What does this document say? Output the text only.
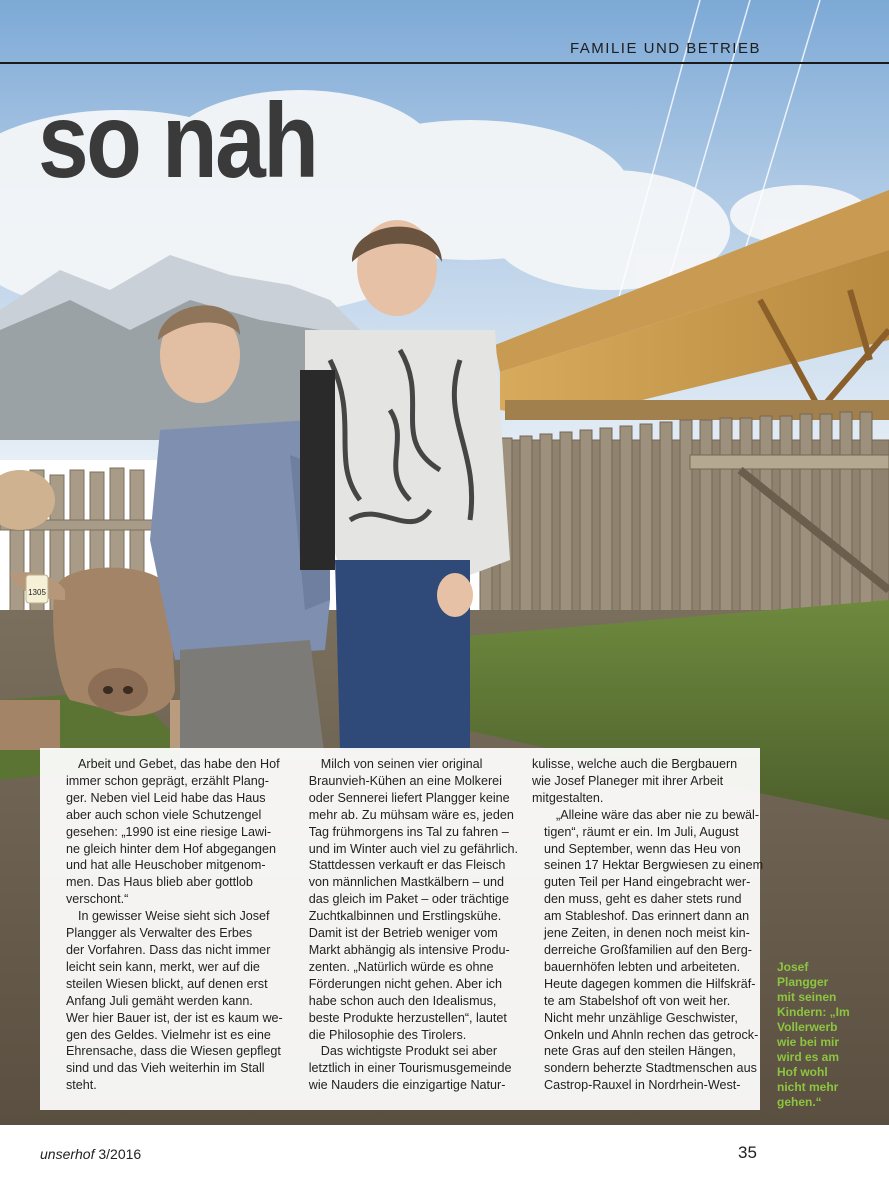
1305
FAMILIE UND BETRIEB
so nah

Arbeit und Gebet, das habe den Hof
immer schon geprägt, erzählt Plang-
ger. Neben viel Leid habe das Haus
aber auch schon viele Schutzengel
gesehen: „1990 ist eine riesige Lawi-
ne gleich hinter dem Hof abgegangen
und hat alle Heuschober mitgenom-
men. Das Haus blieb aber gottlob
verschont.“

In gewisser Weise sieht sich Josef
Plangger als Verwalter des Erbes
der Vorfahren. Dass das nicht immer
leicht sein kann, merkt, wer auf die
steilen Wiesen blickt, auf denen erst
Anfang Juli gemäht werden kann.
Wer hier Bauer ist, der ist es kaum we-
gen des Geldes. Vielmehr ist es eine
Ehrensache, dass die Wiesen gepflegt
sind und das Vieh weiterhin im Stall
steht.

Milch von seinen vier original
Braunvieh-Kühen an eine Molkerei
oder Sennerei liefert Plangger keine
mehr ab. Zu mühsam wäre es, jeden
Tag frühmorgens ins Tal zu fahren –
und im Winter auch viel zu gefährlich.
Stattdessen verkauft er das Fleisch
von männlichen Mastkälbern – und
das gleich im Paket – oder trächtige
Zuchtkalbinnen und Erstlingskühe.
Damit ist der Betrieb weniger vom
Markt abhängig als intensive Produ-
zenten. „Natürlich würde es ohne
Förderungen nicht gehen. Aber ich
habe schon auch den Idealismus,
beste Produkte herzustellen“, lautet
die Philosophie des Tirolers.

Das wichtigste Produkt sei aber
letztlich in einer Tourismusgemeinde
wie Nauders die einzigartige Natur-

kulisse, welche auch die Bergbauern
wie Josef Planeger mit ihrer Arbeit
mitgestalten.

„Alleine wäre das aber nie zu bewäl-
tigen“, räumt er ein. Im Juli, August
und September, wenn das Heu von
seinen 17 Hektar Bergwiesen zu einem
guten Teil per Hand eingebracht wer-
den muss, geht es daher stets rund
am Stableshof. Das erinnert dann an
jene Zeiten, in denen noch meist kin-
derreiche Großfamilien auf den Berg-
bauernhöfen lebten und arbeiteten.
Heute dagegen kommen die Hilfskräf-
te am Stabelshof oft von weit her.
Nicht mehr unzählige Geschwister,
Onkeln und Ahnln rechen das getrock-
nete Gras auf den steilen Hängen,
sondern beherzte Stadtmenschen aus
Castrop-Rauxel in Nordrhein-West-

Josef
Plangger
mit seinen
Kindern: „Im
Vollerwerb
wie bei mir
wird es am
Hof wohl
nicht mehr
gehen.“
unserhof 3/2016	35
